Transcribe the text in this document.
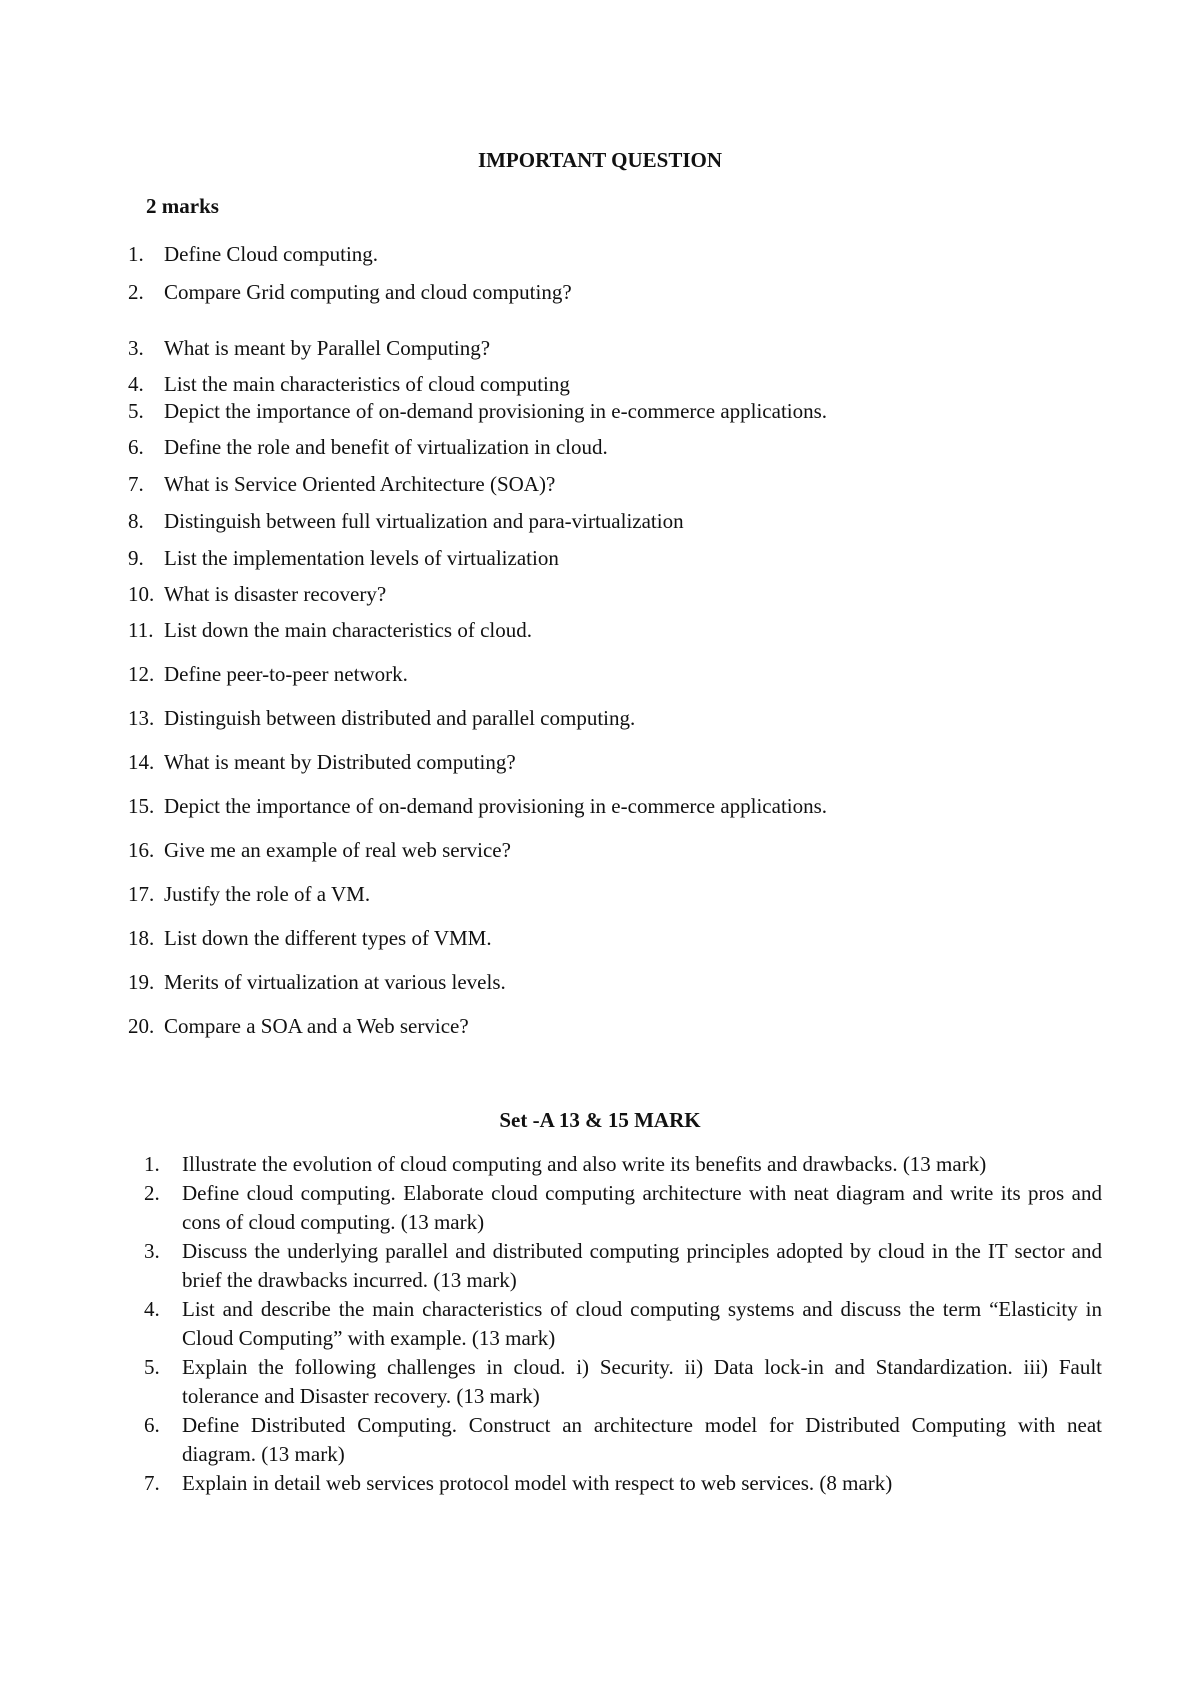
IMPORTANT QUESTION
2 marks
1. Define Cloud computing.
2. Compare Grid computing and cloud computing?
3. What is meant by Parallel Computing?
4. List the main characteristics of cloud computing
5. Depict the importance of on-demand provisioning in e-commerce applications.
6. Define the role and benefit of virtualization in cloud.
7. What is Service Oriented Architecture (SOA)?
8. Distinguish between full virtualization and para-virtualization
9. List the implementation levels of virtualization
10. What is disaster recovery?
11. List down the main characteristics of cloud.
12. Define peer-to-peer network.
13. Distinguish between distributed and parallel computing.
14. What is meant by Distributed computing?
15. Depict the importance of on-demand provisioning in e-commerce applications.
16. Give me an example of real web service?
17. Justify the role of a VM.
18. List down the different types of VMM.
19. Merits of virtualization at various levels.
20. Compare a SOA and a Web service?
Set -A 13 & 15 MARK
1. Illustrate the evolution of cloud computing and also write its benefits and drawbacks. (13 mark)
2. Define cloud computing. Elaborate cloud computing architecture with neat diagram and write its pros and cons of cloud computing. (13 mark)
3. Discuss the underlying parallel and distributed computing principles adopted by cloud in the IT sector and brief the drawbacks incurred. (13 mark)
4. List and describe the main characteristics of cloud computing systems and discuss the term “Elasticity in Cloud Computing” with example. (13 mark)
5. Explain the following challenges in cloud. i) Security. ii) Data lock-in and Standardization. iii) Fault tolerance and Disaster recovery. (13 mark)
6. Define Distributed Computing. Construct an architecture model for Distributed Computing with neat diagram. (13 mark)
7. Explain in detail web services protocol model with respect to web services. (8 mark)
